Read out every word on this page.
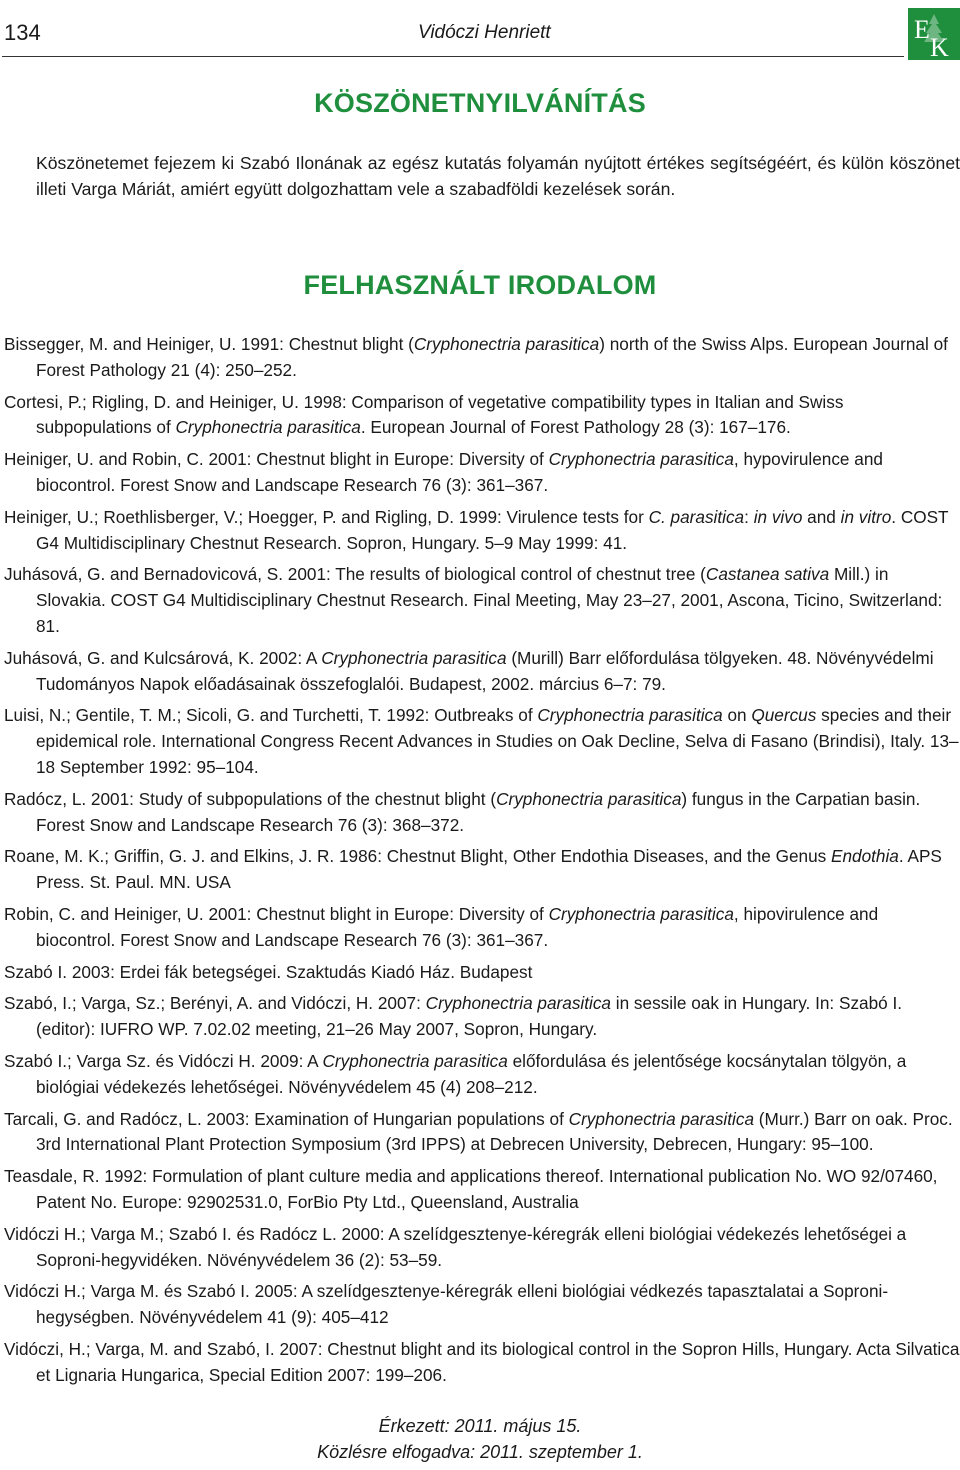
134	Vidóczi Henriett	E
K
KÖSZÖNETNYILVÁNÍTÁS
Köszönetemet fejezem ki Szabó Ilonának az egész kutatás folyamán nyújtott értékes segítségéért, és külön köszönet illeti Varga Máriát, amiért együtt dolgozhattam vele a szabadföldi kezelések során.
FELHASZNÁLT IRODALOM

Bissegger, M. and Heiniger, U. 1991: Chestnut blight (Cryphonectria parasitica) north of the Swiss Alps. European Journal of Forest Pathology 21 (4): 250–252.

Cortesi, P.; Rigling, D. and Heiniger, U. 1998: Comparison of vegetative compatibility types in Italian and Swiss subpopulations of Cryphonectria parasitica. European Journal of Forest Pathology 28 (3): 167–176.

Heiniger, U. and Robin, C. 2001: Chestnut blight in Europe: Diversity of Cryphonectria parasitica, hypovirulence and biocontrol. Forest Snow and Landscape Research 76 (3): 361–367.

Heiniger, U.; Roethlisberger, V.; Hoegger, P. and Rigling, D. 1999: Virulence tests for C. parasitica: in vivo and in vitro. COST G4 Multidisciplinary Chestnut Research. Sopron, Hungary. 5–9 May 1999: 41.

Juhásová, G. and Bernadovicová, S. 2001: The results of biological control of chestnut tree (Castanea sativa Mill.) in Slovakia. COST G4 Multidisciplinary Chestnut Research. Final Meeting, May 23–27, 2001, Ascona, Ticino, Switzerland: 81.

Juhásová, G. and Kulcsárová, K. 2002: A Cryphonectria parasitica (Murill) Barr előfordulása tölgyeken. 48. Növényvédelmi Tudományos Napok előadásainak összefoglalói. Budapest, 2002. március 6–7: 79.

Luisi, N.; Gentile, T. M.; Sicoli, G. and Turchetti, T. 1992: Outbreaks of Cryphonectria parasitica on Quercus species and their epidemical role. International Congress Recent Advances in Studies on Oak Decline, Selva di Fasano (Brindisi), Italy. 13–18 September 1992: 95–104.

Radócz, L. 2001: Study of subpopulations of the chestnut blight (Cryphonectria parasitica) fungus in the Carpatian basin. Forest Snow and Landscape Research 76 (3): 368–372.

Roane, M. K.; Griffin, G. J. and Elkins, J. R. 1986: Chestnut Blight, Other Endothia Diseases, and the Genus Endothia. APS Press. St. Paul. MN. USA

Robin, C. and Heiniger, U. 2001: Chestnut blight in Europe: Diversity of Cryphonectria parasitica, hipovirulence and biocontrol. Forest Snow and Landscape Research 76 (3): 361–367.

Szabó I. 2003: Erdei fák betegségei. Szaktudás Kiadó Ház. Budapest

Szabó, I.; Varga, Sz.; Berényi, A. and Vidóczi, H. 2007: Cryphonectria parasitica in sessile oak in Hungary. In: Szabó I. (editor): IUFRO WP. 7.02.02 meeting, 21–26 May 2007, Sopron, Hungary.

Szabó I.; Varga Sz. és Vidóczi H. 2009: A Cryphonectria parasitica előfordulása és jelentősége kocsánytalan tölgyön, a biológiai védekezés lehetőségei. Növényvédelem 45 (4) 208–212.

Tarcali, G. and Radócz, L. 2003: Examination of Hungarian populations of Cryphonectria parasitica (Murr.) Barr on oak. Proc. 3rd International Plant Protection Symposium (3rd IPPS) at Debrecen University, Debrecen, Hungary: 95–100.

Teasdale, R. 1992: Formulation of plant culture media and applications thereof. International publication No. WO 92/07460, Patent No. Europe: 92902531.0, ForBio Pty Ltd., Queensland, Australia

Vidóczi H.; Varga M.; Szabó I. és Radócz L. 2000: A szelídgesztenye-kéregrák elleni biológiai védekezés lehetőségei a Soproni-hegyvidéken. Növényvédelem 36 (2): 53–59.

Vidóczi H.; Varga M. és Szabó I. 2005: A szelídgesztenye-kéregrák elleni biológiai védkezés tapasztalatai a Soproni-hegységben. Növényvédelem 41 (9): 405–412

Vidóczi, H.; Varga, M. and Szabó, I. 2007: Chestnut blight and its biological control in the Sopron Hills, Hungary. Acta Silvatica et Lignaria Hungarica, Special Edition 2007: 199–206.

Érkezett: 2011. május 15.
Közlésre elfogadva: 2011. szeptember 1.
